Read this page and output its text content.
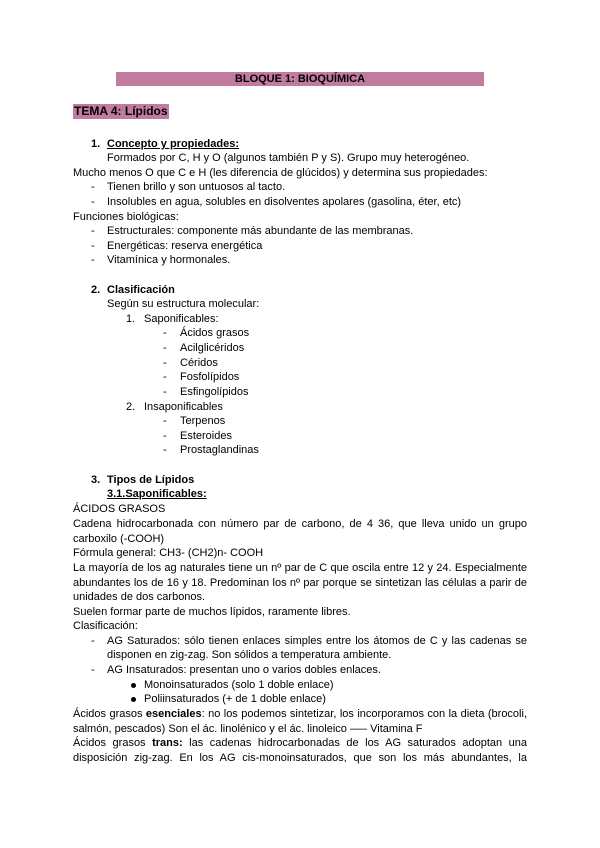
BLOQUE 1: BIOQUÍMICA
TEMA 4: Lípidos
1. Concepto y propiedades:
Formados por C, H y O (algunos también P y S). Grupo muy heterogéneo.
Mucho menos O que C e H (les diferencia de glúcidos) y determina sus propiedades:
- Tienen brillo y son untuosos al tacto.
- Insolubles en agua, solubles en disolventes apolares (gasolina, éter, etc)
Funciones biológicas:
- Estructurales: componente más abundante de las membranas.
- Energéticas: reserva energética
- Vitamínica y hormonales.
2. Clasificación
Según su estructura molecular:
1. Saponificables:
- Ácidos grasos
- Acilglicéridos
- Céridos
- Fosfolípidos
- Esfingolípidos
2. Insaponificables
- Terpenos
- Esteroides
- Prostaglandinas
3. Tipos de Lípidos
3.1.Saponificables:
ÁCIDOS GRASOS
Cadena hidrocarbonada con número par de carbono, de 4 36, que lleva unido un grupo
carboxilo (-COOH)
Fórmula general: CH3- (CH2)n- COOH
La mayoría de los ag naturales tiene un nº par de C que oscila entre 12 y 24. Especialmente
abundantes los de 16 y 18. Predominan los nº par porque se sintetizan las células a parir de
unidades de dos carbonos.
Suelen formar parte de muchos lípidos, raramente libres.
Clasificación:
- AG Saturados: sólo tienen enlaces simples entre los átomos de C y las cadenas se
disponen en zig-zag. Son sólidos a temperatura ambiente.
- AG Insaturados: presentan uno o varios dobles enlaces.
Monoinsaturados (solo 1 doble enlace)
Poliinsaturados (+ de 1 doble enlace)
Ácidos grasos esenciales: no los podemos sintetizar, los incorporamos con la dieta (brocoli,
salmón, pescados) Son el ác. linolénico y el ác. linoleico —– Vitamina F
Ácidos grasos trans: las cadenas hidrocarbonadas de los AG saturados adoptan una
disposición zig-zag. En los AG cis-monoinsaturados, que son los más abundantes, la
